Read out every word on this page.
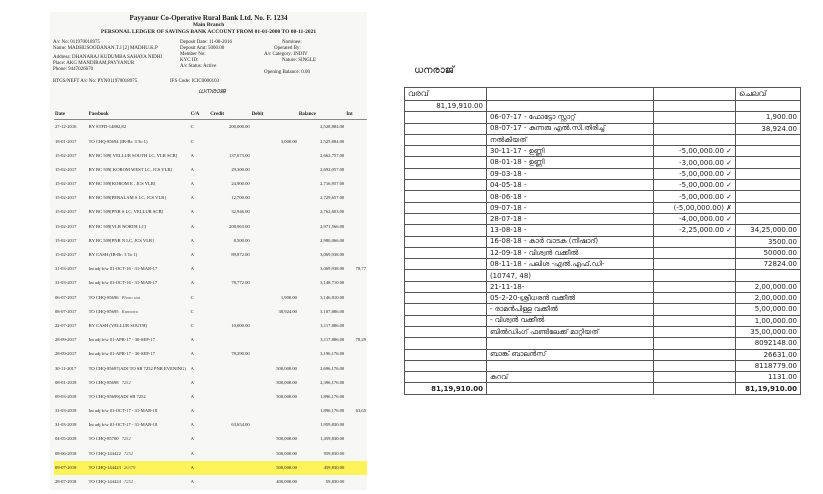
Payyanur Co-Operative Rural Bank Ltd. No. F. 1234
Main Branch
PERSONAL LEDGER OF SAVINGS BANK ACCOUNT FROM 01-01-2000 TO 08-11-2021
A/c No: 011970018975
Name: MADHUSOODANAN.T.J [2] MADHU.K.P
Deposit Date: 11-08-2016
Deposit Amt: 5000.00
Member No:
KYC ID:
A/c Status: Active
Nominee:
Operated By:
A/c Category: INDIV
Nature: SINGLE
Address: DHANARAJ KUDUMBA SAHAYA NIDHI
Place: AKG MANDIRAM,PAYYANUR
Phone: 9447026670
Opening Balance: 0.00
RTGS/NEFT A/c No: PYN011970018975	IFS Code: ICIC0000103
ധനരാജ
Date	Passbook	C/A	Credit	Debit	Balance	Int
27-12-2016	BY STFD-14882,82	C	200,000.00		2,528,884.00	
18-01-2017	TO CHQ-85694 (IB-Br: 3 To 1)	C		3,000.00	2,525,884.00	
15-02-2017	BY BC 509[ VELLUR SOUTH LC, VLR SCB]	A	137,673.00		2,662,757.00	
15-02-2017	BY BC 509[ KOROM WEST LC, JCS VLR]	A	29,300.00		2,692,057.00	
15-02-2017	BY BC 509[KOROM E , JCS VLR]	A	24,900.00		2,716,957.00	
15-02-2017	BY BC 509[PERALAM S LC, JCS VLR]	A	12,700.00		2,729,657.00	
15-02-2017	BY BC 509[PNR S LC, VELLUR SCB]	A	32,946.00		2,762,603.00	
15-02-2017	BY BC 509[VLR NORTH LC]	A	208,963.00		2,971,566.00	
15-02-2017	BY BC 509[PNR N LC, JCS VLR]	A	8,500.00		2,980,066.00	
15-02-2017	BY CASH (IB-Br: 3 To 1)	A	89,872.00		3,069,938.00	
31-03-2017	Int adj b/w 01-OCT-16 - 31-MAR-17	A			3,069,938.00	78,77
31-03-2017	Int adj b/w 01-OCT-16 - 31-MAR-17	A	78,772.00		3,148,710.00	
06-07-2017	TO CHQ-85696 Photo stat	C		1,900.00	3,146,810.00	
08-07-2017	TO CHQ-85695 Kunnaru	C		38,924.00	3,107,886.00	
22-07-2017	BY CASH (VELLUR SOUTH)	C	10,000.00		3,117,886.00	
28-09-2017	Int adj b/w 01-APR-17 - 30-SEP-17	A			3,117,886.00	78,29
28-09-2017	Int adj b/w 01-APR-17 - 30-SEP-17	A	78,290.00		3,196,176.00	
30-11-2017	TO CHQ-85697(ADJ TO SB 7252 PNR EVENING)	A		500,000.00	2,696,176.00	
08-01-2018	TO CHQ-85698 7252	A		300,000.00	2,396,176.00	
09-03-2018	TO CHQ-85699(ADJ SB 7252	A		500,000.00	1,896,176.00	
31-03-2018	Int adj b/w 01-OCT-17 - 31-MAR-18	A			1,896,176.00	63,65
31-03-2018	Int adj b/w 01-OCT-17 - 31-MAR-18	A	63,654.00		1,959,830.00	
04-05-2018	TO CHQ-85700 7252	A		500,000.00	1,459,830.00	
08-06-2018	TO CHQ-144422 7252	A		500,000.00	959,830.00	
09-07-2018	TO CHQ-144423 20379	A		500,000.00	459,830.00	
28-07-2018	TO CHQ-144424 7252	A		400,000.00	59,830.00	
ധനരാജ്
വരവ്			ചെലവ്
81,19,910.00			
	06-07-17 - ഫോട്ടോ സ്റ്റാറ്റ്		1,900.00
	08-07-17 - കുന്നരു എൽ.സി.തിരിച്ച്		38,924.00
	നൽകിയത്		
	30-11-17 - ഉണ്ണി	-5,00,000.00 ✓	
	08-01-18 - ഉണ്ണി	-3,00,000.00 ✓	
	09-03-18 -	-5,00,000.00 ✓	
	04-05-18 -	-5,00,000.00 ✓	
	08-06-18 -	-5,00,000.00 ✓	
	09-07-18 -	(-5,00,000.00) ✗	
	28-07-18 -	-4,00,000.00 ✓	
	13-08-18 -	-2,25,000.00 ✓	34,25,000.00
	16-08-18 - കാർ വാടക (നിഷാദ്)		3500.00
	12-09-18 - വിശ്വൻ വക്കീൽ		50000.00
	08-11-18 - പലിശ -എൽ.എഫ്.ഡി-		72824.00
	(10747, 48)		
	21-11-18-		2,00,000.00
	05-2-20-ശ്രീധരൻ വക്കീൽ		2,00,000.00
	- രാമൻപിള്ള വക്കീൽ		5,00,000.00
	- വിശ്വൻ വക്കീൽ		1,00,000.00
	ബിൽഡിംഗ് ഫണ്ടിലേക്ക് മാറ്റിയത്		35,00,000.00
			8092148.00
	ബാങ്ക് ബാലൻസ്		26631.00
			8118779.00
	കുറവ്		1131.00
81,19,910.00			81,19,910.00
